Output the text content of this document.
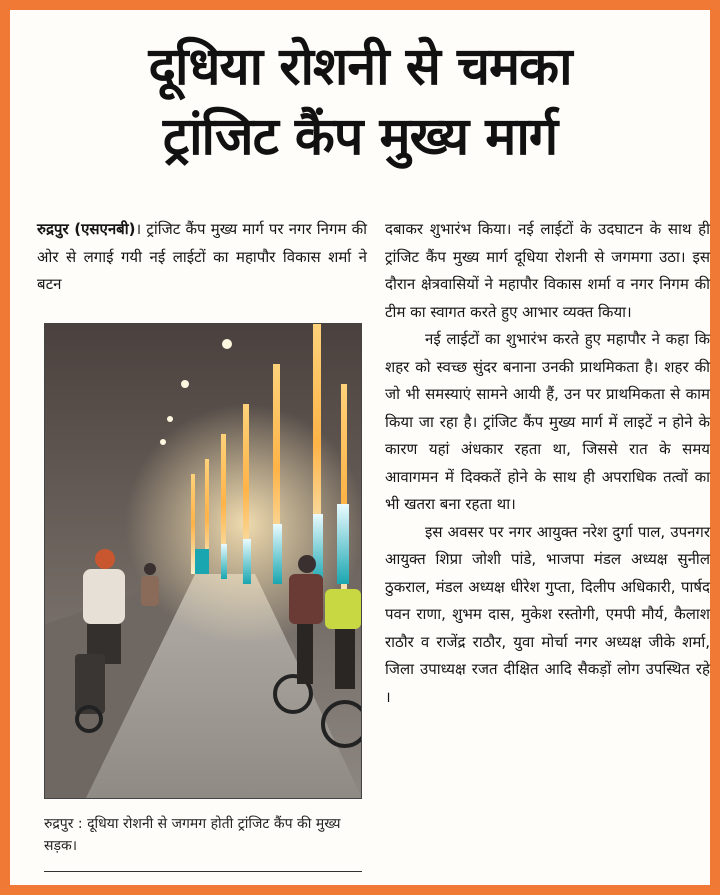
दूधिया रोशनी से चमका
ट्रांजिट कैंप मुख्य मार्ग

रुद्रपुर (एसएनबी)। ट्रांजिट कैंप मुख्य मार्ग पर नगर निगम की ओर से लगाई गयी नई लाईटों का महापौर विकास शर्मा ने बटन

रुद्रपुर : दूधिया रोशनी से जगमग होती ट्रांजिट कैंप की मुख्य सड़क।

दबाकर शुभारंभ किया। नई लाईटों के उदघाटन के साथ ही ट्रांजिट कैंप मुख्य मार्ग दूधिया रोशनी से जगमगा उठा। इस दौरान क्षेत्रवासियों ने महापौर विकास शर्मा व नगर निगम की टीम का स्वागत करते हुए आभार व्यक्त किया।

नई लाईटों का शुभारंभ करते हुए महापौर ने कहा कि शहर को स्वच्छ सुंदर बनाना उनकी प्राथमिकता है। शहर की जो भी समस्याएं सामने आयी हैं, उन पर प्राथमिकता से काम किया जा रहा है। ट्रांजिट कैंप मुख्य मार्ग में लाइटें न होने के कारण यहां अंधकार रहता था, जिससे रात के समय आवागमन में दिक्कतें होने के साथ ही अपराधिक तत्वों का भी खतरा बना रहता था।

इस अवसर पर नगर आयुक्त नरेश दुर्गा पाल, उपनगर आयुक्त शिप्रा जोशी पांडे, भाजपा मंडल अध्यक्ष सुनील ठुकराल, मंडल अध्यक्ष धीरेश गुप्ता, दिलीप अधिकारी, पार्षद पवन राणा, शुभम दास, मुकेश रस्तोगी, एमपी मौर्य, कैलाश राठौर व राजेंद्र राठौर, युवा मोर्चा नगर अध्यक्ष जीके शर्मा, जिला उपाध्यक्ष रजत दीक्षित आदि सैकड़ों लोग उपस्थित रहे ।
